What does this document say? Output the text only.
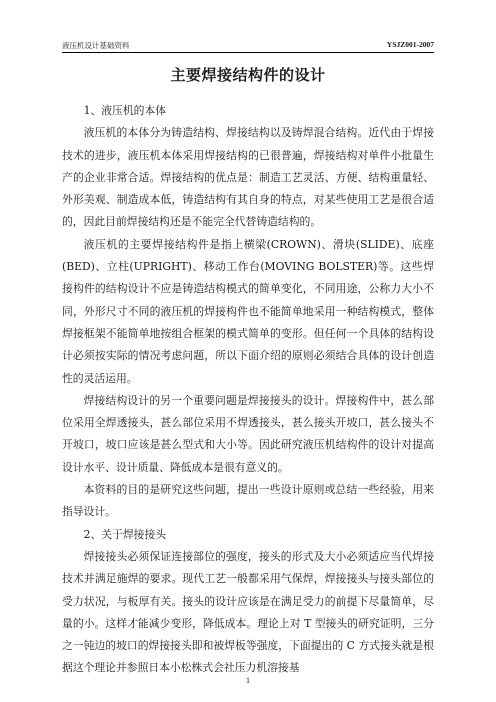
液压机设计基础资料	YSJZ001-2007
主要焊接结构件的设计

1、液压机的本体

液压机的本体分为铸造结构、焊接结构以及铸焊混合结构。近代由于焊接技术的进步，液压机本体采用焊接结构的已很普遍，焊接结构对单件小批量生产的企业非常合适。焊接结构的优点是：制造工艺灵活、方便、结构重量轻、外形美观、制造成本低，铸造结构有其自身的特点，对某些使用工艺是很合适的，因此目前焊接结构还是不能完全代替铸造结构的。

液压机的主要焊接结构件是指上横梁(CROWN)、滑块(SLIDE)、底座(BED)、立柱(UPRIGHT)、移动工作台(MOVING BOLSTER)等。这些焊接构件的结构设计不应是铸造结构模式的简单变化，不同用途，公称力大小不同，外形尺寸不同的液压机的焊接构件也不能简单地采用一种结构模式，整体焊接框架不能简单地按组合框架的模式简单的变形。但任何一个具体的结构设计必须按实际的情况考虑问题，所以下面介绍的原则必须结合具体的设计创造性的灵活运用。

焊接结构设计的另一个重要问题是焊接接头的设计。焊接构件中，甚么部位采用全焊透接头，甚么部位采用不焊透接头，甚么接头开坡口，甚么接头不开坡口，坡口应该是甚么型式和大小等。因此研究液压机结构件的设计对提高设计水平、设计质量、降低成本是很有意义的。

本资料的目的是研究这些问题，提出一些设计原则或总结一些经验，用来指导设计。

2、关于焊接接头

焊接接头必须保证连接部位的强度，接头的形式及大小必须适应当代焊接技术并满足施焊的要求。现代工艺一般都采用气保焊，焊接接头与接头部位的受力状况，与板厚有关。接头的设计应该是在满足受力的前提下尽量简单，尽量的小。这样才能减少变形，降低成本。理论上对 T 型接头的研究证明，三分之一钝边的坡口的焊接接头即和被焊板等强度，下面提出的 C 方式接头就是根据这个理论并参照日本小松株式会社压力机溶接基

1
